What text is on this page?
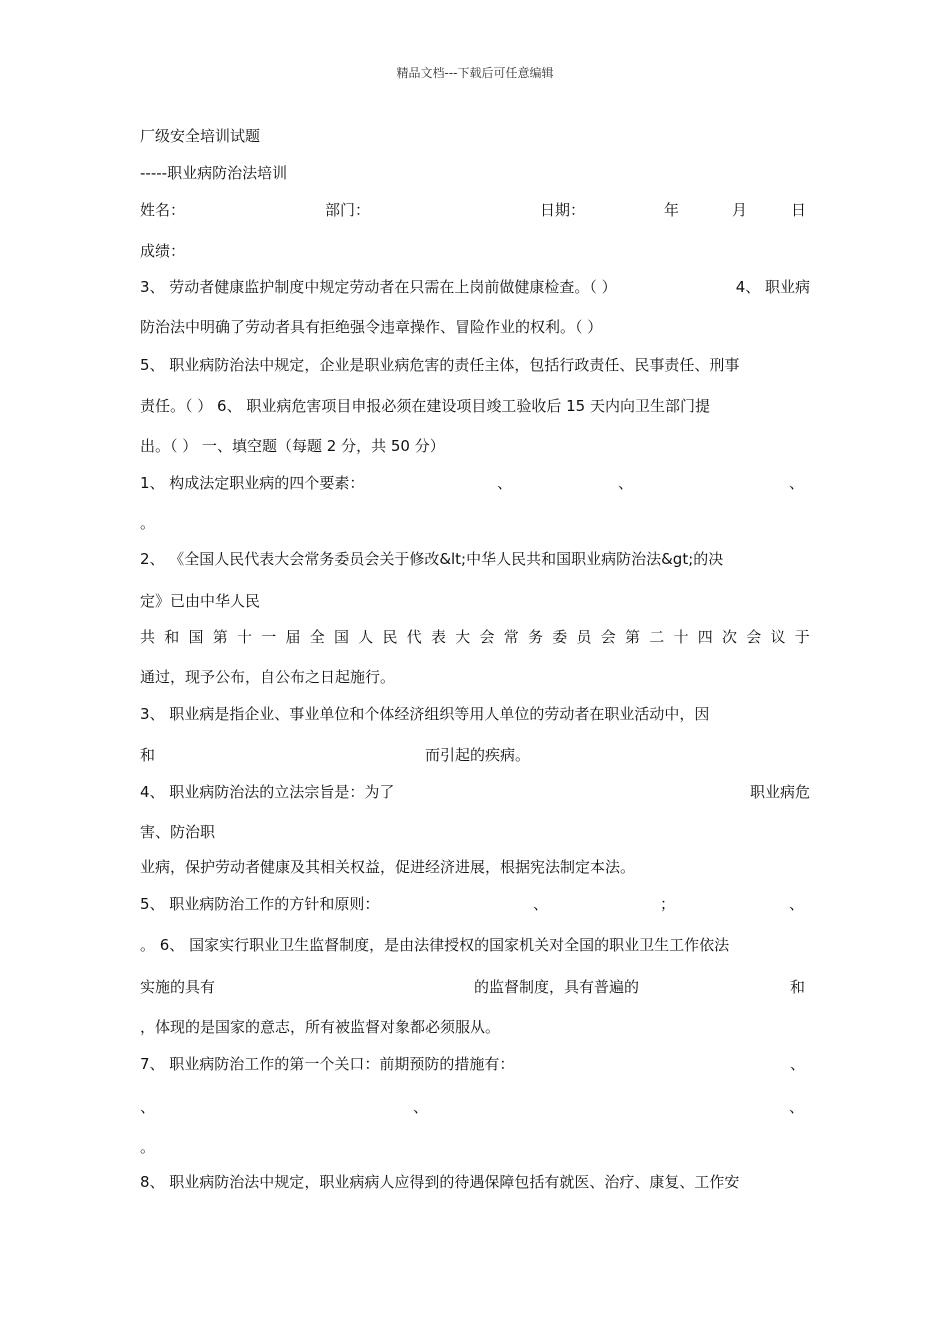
精品文档---下载后可任意编辑
厂级安全培训试题
-----职业病防治法培训
姓名：	部门：	日期：	年	月	日
成绩：
3、 劳动者健康监护制度中规定劳动者在只需在上岗前做健康检查。（ ）	4、 职业病
防治法中明确了劳动者具有拒绝强令违章操作、冒险作业的权利。（ ）
5、 职业病防治法中规定，企业是职业病危害的责任主体，包括行政责任、民事责任、刑事
责任。（ ） 6、 职业病危害项目申报必须在建设项目竣工验收后 15 天内向卫生部门提
出。（ ） 一、填空题（每题 2 分，共 50 分）
1、 构成法定职业病的四个要素：	、	、	、
。
2、 《全国人民代表大会常务委员会关于修改&lt;中华人民共和国职业病防治法&gt;的决
定》已由中华人民
共 和 国 第 十 一 届 全 国 人 民 代 表 大 会 常 务 委 员 会 第 二 十 四 次 会 议 于
通过，现予公布，自公布之日起施行。
3、 职业病是指企业、事业单位和个体经济组织等用人单位的劳动者在职业活动中，因
和	而引起的疾病。
4、 职业病防治法的立法宗旨是：为了	职业病危
害、防治职
业病，保护劳动者健康及其相关权益，促进经济进展，根据宪法制定本法。
5、 职业病防治工作的方针和原则：	、	；	、
。 6、 国家实行职业卫生监督制度，是由法律授权的国家机关对全国的职业卫生工作依法
实施的具有	的监督制度，具有普遍的	和
，体现的是国家的意志，所有被监督对象都必须服从。
7、 职业病防治工作的第一个关口：前期预防的措施有：	、
、	、	、
。
8、 职业病防治法中规定，职业病病人应得到的待遇保障包括有就医、治疗、康复、工作安
